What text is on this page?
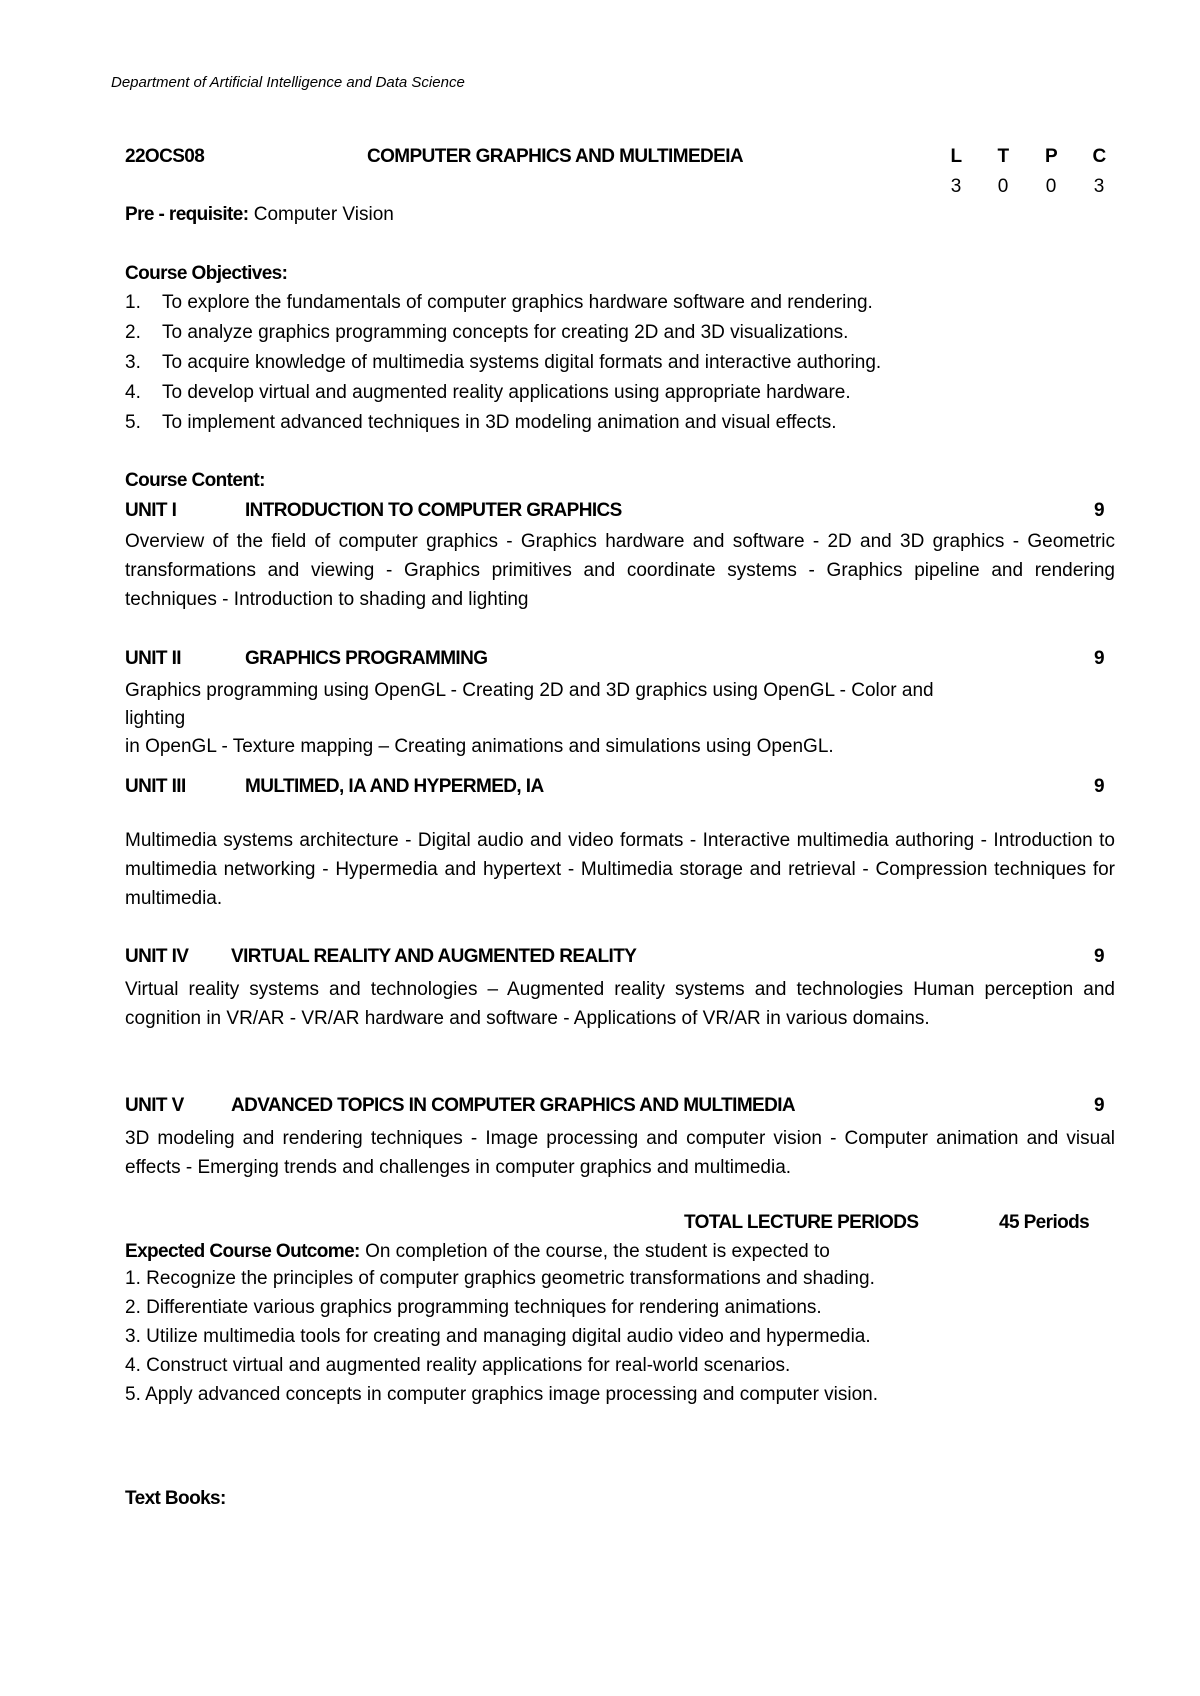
Department of Artificial Intelligence and Data Science
22OCS08	COMPUTER GRAPHICS AND MULTIMEDEIA	L	T	P	C
3	0	0	3
Pre - requisite: Computer Vision
Course Objectives:
1. To explore the fundamentals of computer graphics hardware software and rendering.
2. To analyze graphics programming concepts for creating 2D and 3D visualizations.
3. To acquire knowledge of multimedia systems digital formats and interactive authoring.
4. To develop virtual and augmented reality applications using appropriate hardware.
5. To implement advanced techniques in 3D modeling animation and visual effects.
Course Content:
UNIT I	INTRODUCTION TO COMPUTER GRAPHICS	9
Overview of the field of computer graphics - Graphics hardware and software - 2D and 3D graphics - Geometric transformations and viewing - Graphics primitives and coordinate systems - Graphics pipeline and rendering techniques - Introduction to shading and lighting
UNIT II	GRAPHICS PROGRAMMING	9
Graphics programming using OpenGL - Creating 2D and 3D graphics using OpenGL - Color and
lighting
in OpenGL - Texture mapping – Creating animations and simulations using OpenGL.
UNIT III	MULTIMED, IA AND HYPERMED, IA	9
Multimedia systems architecture - Digital audio and video formats - Interactive multimedia authoring - Introduction to multimedia networking - Hypermedia and hypertext - Multimedia storage and retrieval - Compression techniques for multimedia.
UNIT IV VIRTUAL REALITY AND AUGMENTED REALITY	9
Virtual reality systems and technologies – Augmented reality systems and technologies Human perception and cognition in VR/AR - VR/AR hardware and software - Applications of VR/AR in various domains.
UNIT V ADVANCED TOPICS IN COMPUTER GRAPHICS AND MULTIMEDIA	9
3D modeling and rendering techniques - Image processing and computer vision - Computer animation and visual effects - Emerging trends and challenges in computer graphics and multimedia.
TOTAL LECTURE PERIODS	45 Periods
Expected Course Outcome: On completion of the course, the student is expected to
1. Recognize the principles of computer graphics geometric transformations and shading.
2. Differentiate various graphics programming techniques for rendering animations.
3. Utilize multimedia tools for creating and managing digital audio video and hypermedia.
4. Construct virtual and augmented reality applications for real-world scenarios.
5. Apply advanced concepts in computer graphics image processing and computer vision.
Text Books:
